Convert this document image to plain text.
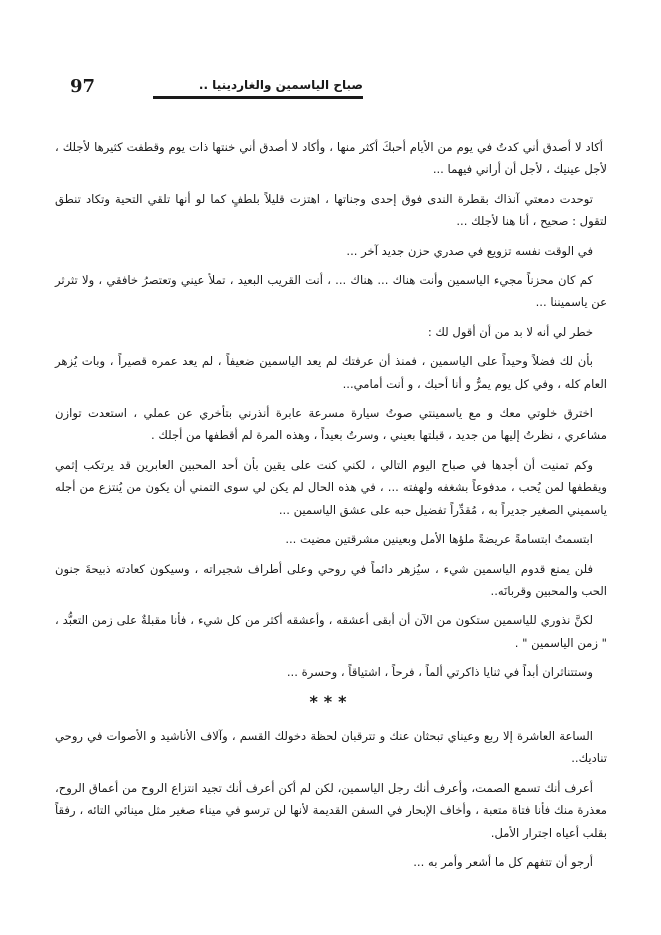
97	صباح الياسمين والغاردينيا ..

أكاد لا أصدق أني كدتُ في يوم من الأيام أحبكَ أكثر منها ، وأكاد لا أصدق أني خنتها ذات يوم وقطفت كثيرها لأجلك ، لأجل عينيك ، لأجل أن أراني فيهما ...

توحدت دمعتي آنذاك بقطرة الندى فوق إحدى وجناتها ، اهتزت قليلاً بلطفٍ كما لو أنها تلقي التحية وتكاد تنطق لتقول : صحيح ، أنا هنا لأجلك ...

في الوقت نفسه تزويع في صدري حزن جديد آخر ...

كم كان محزناً مجيء الياسمين وأنت هناك ... هناك ... ، أنت القريب البعيد ، تملأ عيني وتعتصرُ خافقي ، ولا تثرثر عن ياسميننا ...

خطر لي أنه لا بد من أن أقول لك :

بأن لك فضلاً وحيداً على الياسمين ، فمنذ أن عرفتك لم يعد الياسمين ضعيفاً ، لم يعد عمره قصيراً ، وبات يُزهر العام كله ، وفي كل يوم يمرُّ و أنا أحبك ، و أنت أمامي...

اخترق خلوتي معك و مع ياسمينتي صوتُ سيارة مسرعة عابرة أنذرني بتأخري عن عملي ، استعدت توازن مشاعري ، نظرتُ إليها من جديد ، قبلتها بعيني ، وسرتُ بعيداً ، وهذه المرة لم أقطفها من أجلك .

وكم تمنيت أن أجدها في صباح اليوم التالي ، لكني كنت على يقين بأن أحد المحبين العابرين قد يرتكب إثمي ويقطفها لمن يُحب ، مدفوعاً بشغفه ولهفته ... ، في هذه الحال لم يكن لي سوى التمني أن يكون من يُنتزع من أجله ياسميني الصغير جديراً به ، مُقدِّراً تفضيل حبه على عشق الياسمين ...

ابتسمتُ ابتسامةً عريضةً ملؤها الأمل وبعينين مشرقتين مضيت ...

فلن يمنع قدوم الياسمين شيء ، سيُزهر دائماً في روحي وعلى أطراف شجيراته ، وسيكون كعادته ذبيحةَ جنون الحب والمحبين وقربانَه..

لكنَّ نذوري للياسمين ستكون من الآن أن أبقى أعشقه ، وأعشقه أكثر من كل شيء ، فأنا مقبلةٌ على زمن التعبُّد ، " زمن الياسمين " .

وستتناثران أبداً في ثنايا ذاكرتي ألماً ، فرحاً ، اشتياقاً ، وحسرة ...

***

الساعة العاشرة إلا ربع وعيناي تبحثان عنك و تترقبان لحظة دخولك القسم ، وآلاف الأناشيد و الأصوات في روحي تناديك..

أعرف أنك تسمع الصمت، وأعرف أنك رجل الياسمين، لكن لم أكن أعرف أنك تجيد انتزاع الروح من أعماق الروح، معذرة منك فأنا فتاة متعبة ، وأخاف الإبحار في السفن القديمة لأنها لن ترسو في ميناء صغير مثل مينائي التائه ، رفقاً بقلب أعياه اجترار الأمل.

أرجو أن تتفهم كل ما أشعر وأمر به ...
